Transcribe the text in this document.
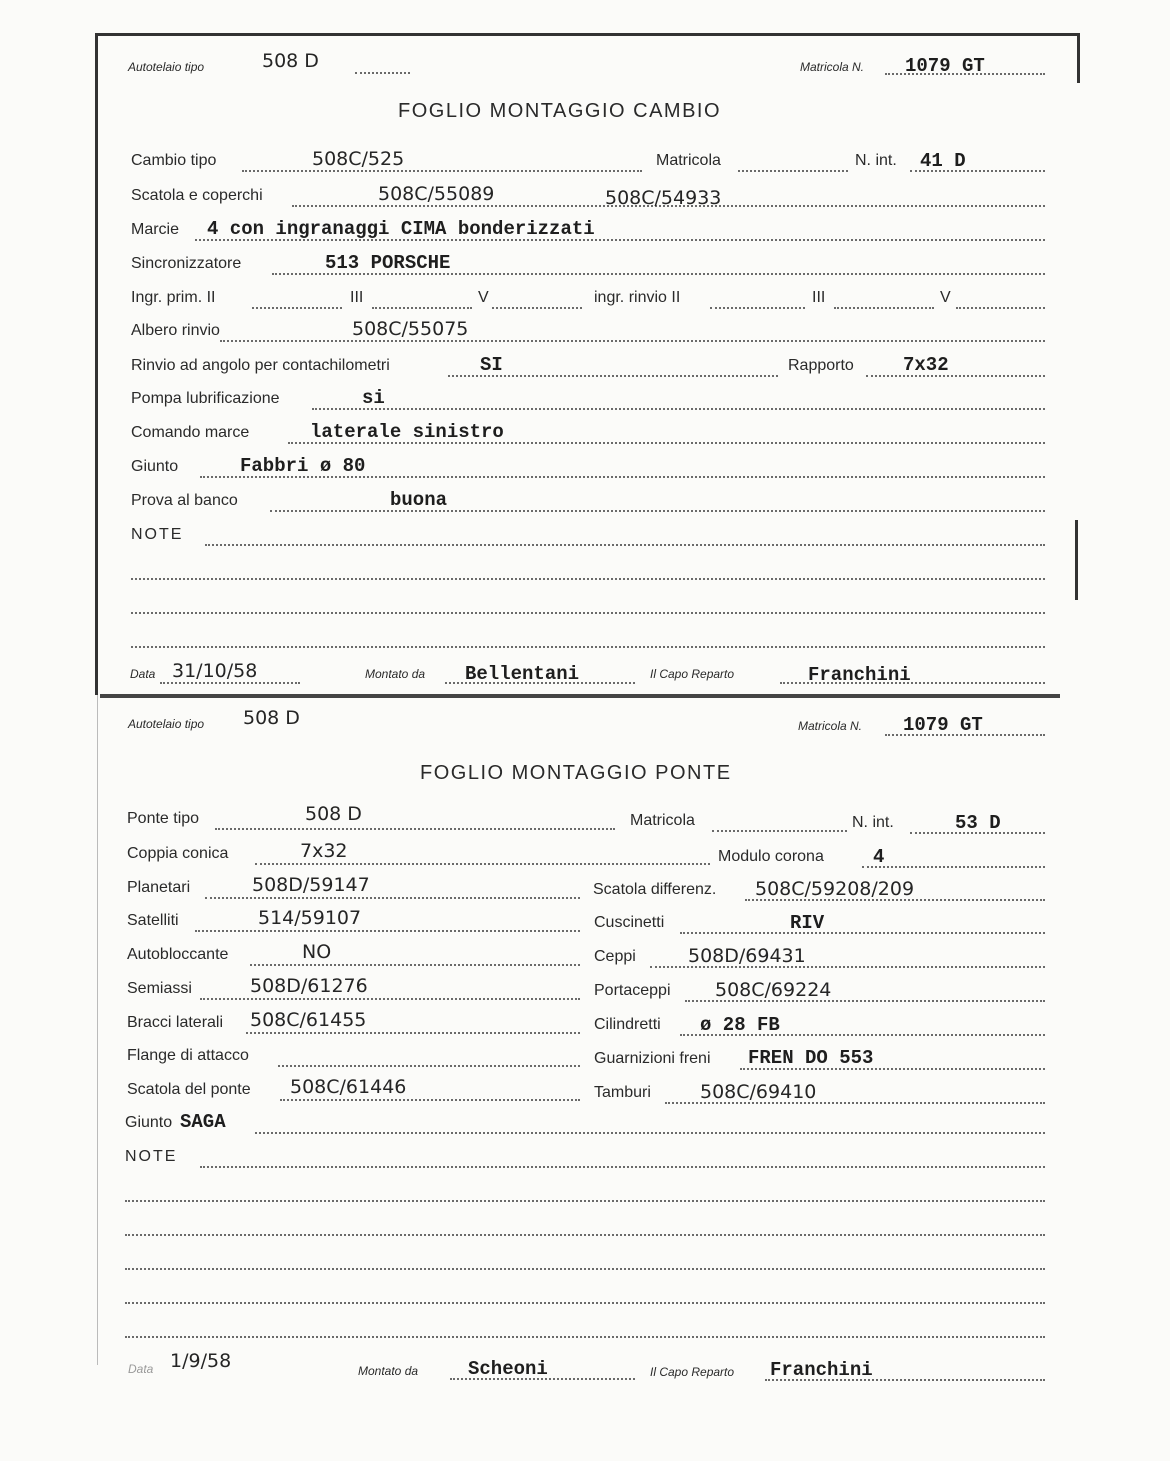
Autotelaio tipo	508 D	Matricola N. 1079 GT
FOGLIO MONTAGGIO CAMBIO
Cambio tipo	508C/525	Matricola	N. int. 41 D
Scatola e coperchi	508C/55089	508C/54933
Marcie 4 con ingranaggi CIMA bonderizzati
Sincronizzatore	513 PORSCHE
Ingr. prim. II	III	V	ingr. rinvio II	III	V
Albero rinvio	508C/55075
Rinvio ad angolo per contachilometri	SI	Rapporto	7x32
Pompa lubrificazione	si
Comando marce	laterale sinistro
Giunto	Fabbri ø 80
Prova al banco	buona
NOTE
Data 31/10/58	Montato da Bellentani	Il Capo Reparto	Franchini
Autotelaio tipo 508 D	Matricola N. 1079 GT
FOGLIO MONTAGGIO PONTE
Ponte tipo	508 D	Matricola	N. int.	53 D
Coppia conica	7x32	Modulo corona	4
Planetari	508D/59147	Scatola differenz. 508C/59208/209
Satelliti	514/59107	Cuscinetti	RIV
Autobloccante	NO	Ceppi	508D/69431
Semiassi	508D/61276	Portaceppi 508C/69224
Bracci laterali 508C/61455	Cilindretti ø 28 FB
Flange di attacco	Guarnizioni freni FREN DO 553
Scatola del ponte 508C/61446	Tamburi	508C/69410
Giunto SAGA
NOTE
Data 1/9/58	Montato da	Scheoni	Il Capo Reparto Franchini
